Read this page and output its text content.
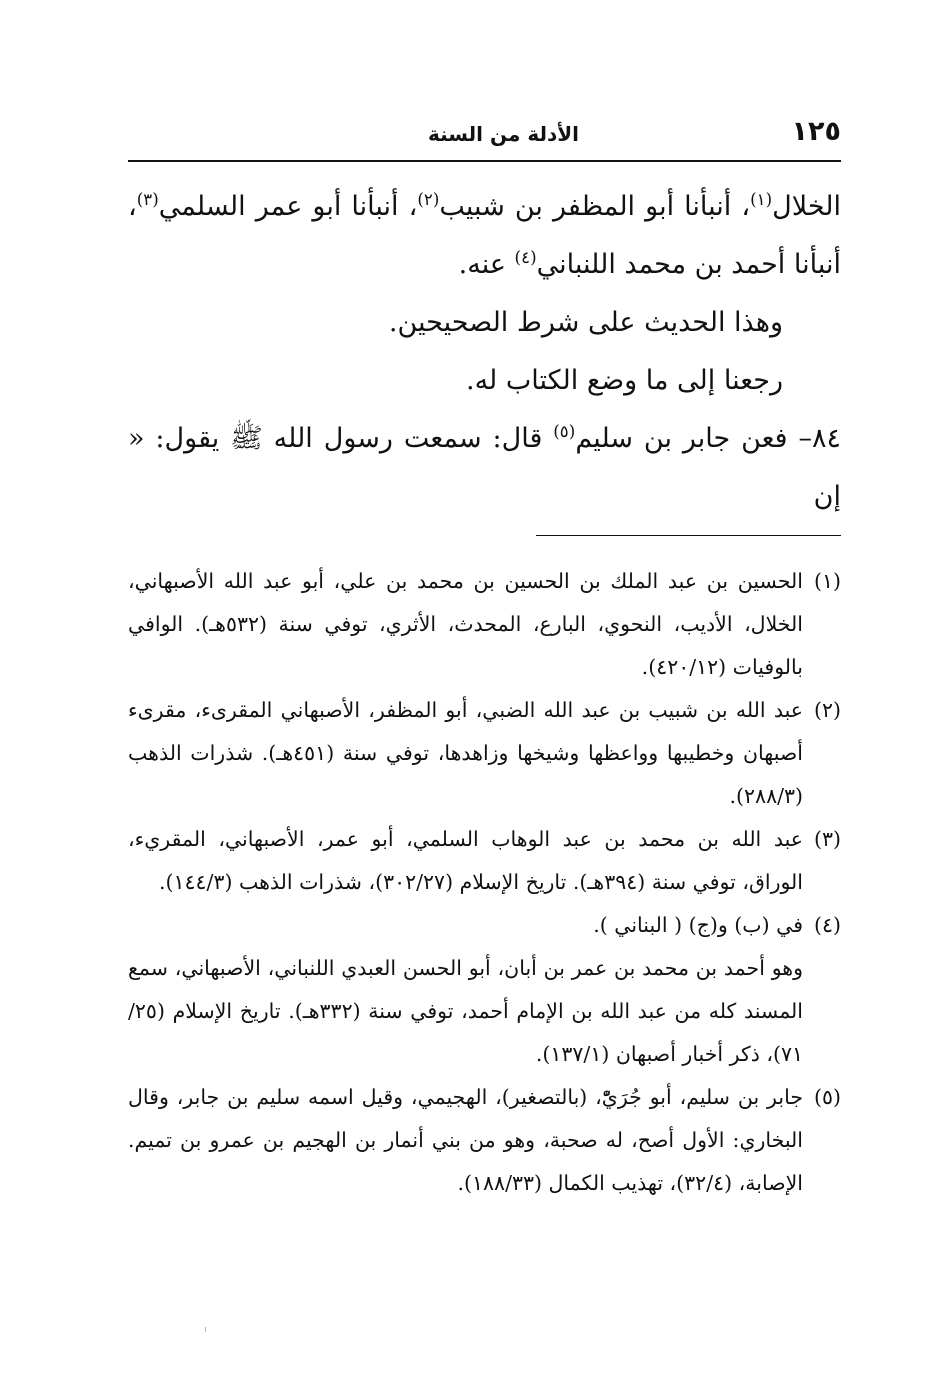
١٢٥
الأدلة من السنة

الخلال$^{(١)}$، أنبأنا أبو المظفر بن شبيب$^{(٢)}$، أنبأنا أبو عمر السلمي$^{(٣)}$، أنبأنا أحمد بن محمد اللنباني$^{(٤)}$ عنه.

وهذا الحديث على شرط الصحيحين.

رجعنا إلى ما وضع الكتاب له.

٨٤– فعن جابر بن سليم$^{(٥)}$ قال: سمعت رسول الله ﷺ يقول: « إن

(١)
الحسين بن عبد الملك بن الحسين بن محمد بن علي، أبو عبد الله الأصبهاني، الخلال، الأديب، النحوي، البارع، المحدث، الأثري، توفي سنة (٥٣٢هـ). الوافي بالوفيات (٤٢٠/١٢).

(٢)
عبد الله بن شبيب بن عبد الله الضبي، أبو المظفر، الأصبهاني المقرىء، مقرىء أصبهان وخطيبها وواعظها وشيخها وزاهدها، توفي سنة (٤٥١هـ). شذرات الذهب (٢٨٨/٣).

(٣)
عبد الله بن محمد بن عبد الوهاب السلمي، أبو عمر، الأصبهاني، المقريء، الوراق، توفي سنة (٣٩٤هـ). تاريخ الإسلام (٣٠٢/٢٧)، شذرات الذهب (١٤٤/٣).

(٤)
في (ب) و(ج) ( البناني ).

وهو أحمد بن محمد بن عمر بن أبان، أبو الحسن العبدي اللنباني، الأصبهاني، سمع المسند كله من عبد الله بن الإمام أحمد، توفي سنة (٣٣٢هـ). تاريخ الإسلام (٢٥/ ٧١)، ذكر أخبار أصبهان (١٣٧/١).

(٥)
جابر بن سليم، أبو جُرَيّْ، (بالتصغير)، الهجيمي، وقيل اسمه سليم بن جابر، وقال البخاري: الأول أصح، له صحبة، وهو من بني أنمار بن الهجيم بن عمرو بن تميم. الإصابة، (٣٢/٤)، تهذيب الكمال (١٨٨/٣٣).
